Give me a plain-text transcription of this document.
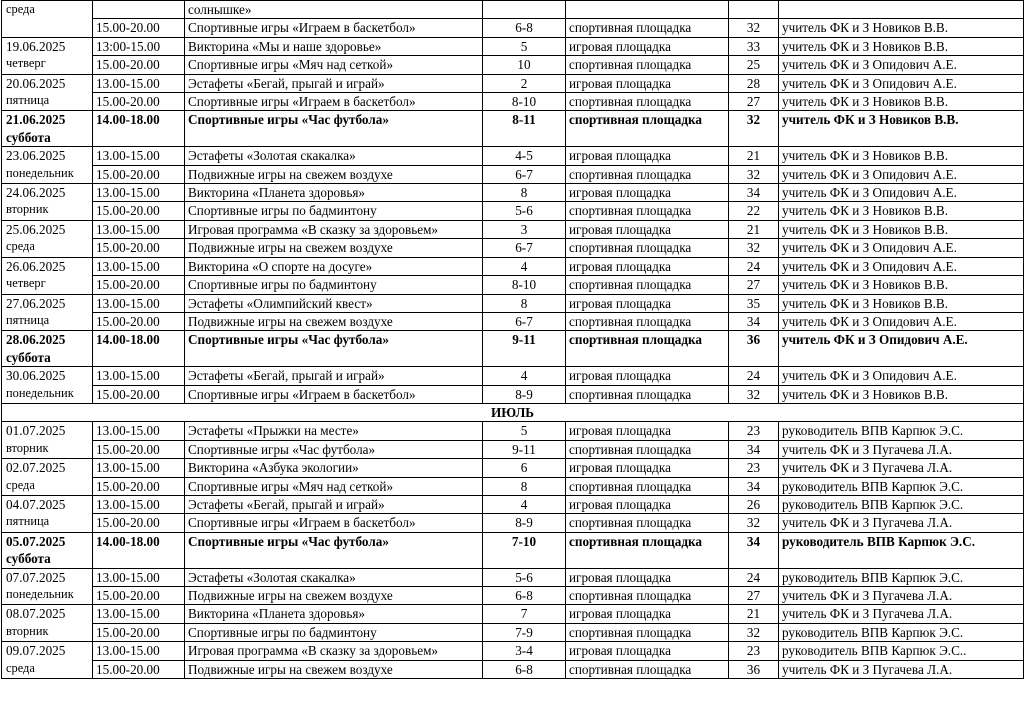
среда		солнышке»				
	15.00-20.00	Спортивные игры «Играем в баскетбол»	6-8	спортивная площадка	32	учитель ФК и З Новиков В.В.

19.06.2025
четверг	13:00-15.00	Викторина «Мы и наше здоровье»	5	игровая площадка	33	учитель ФК и З Новиков В.В.
	15.00-20.00	Спортивные игры «Мяч над сеткой»	10	спортивная площадка	25	учитель ФК и З Опидович А.Е.

20.06.2025
пятница	13.00-15.00	Эстафеты «Бегай, прыгай и играй»	2	игровая площадка	28	учитель ФК и З Опидович А.Е.
	15.00-20.00	Спортивные игры «Играем в баскетбол»	8-10	спортивная площадка	27	учитель ФК и З Новиков В.В.

21.06.2025
суббота	14.00-18.00	Спортивные игры «Час футбола»	8-11	спортивная площадка	32	учитель ФК и З Новиков В.В.

23.06.2025
понедельник	13.00-15.00	Эстафеты «Золотая скакалка»	4-5	игровая площадка	21	учитель ФК и З Новиков В.В.
	15.00-20.00	Подвижные игры на свежем воздухе	6-7	спортивная площадка	32	учитель ФК и З Опидович А.Е.

24.06.2025
вторник	13.00-15.00	Викторина «Планета здоровья»	8	игровая площадка	34	учитель ФК и З Опидович А.Е.
	15.00-20.00	Спортивные игры по бадминтону	5-6	спортивная площадка	22	учитель ФК и З Новиков В.В.

25.06.2025
среда	13.00-15.00	Игровая программа «В сказку за здоровьем»	3	игровая площадка	21	учитель ФК и З Новиков В.В.
	15.00-20.00	Подвижные игры на свежем воздухе	6-7	спортивная площадка	32	учитель ФК и З Опидович А.Е.

26.06.2025
четверг	13.00-15.00	Викторина «О спорте на досуге»	4	игровая площадка	24	учитель ФК и З Опидович А.Е.
	15.00-20.00	Спортивные игры по бадминтону	8-10	спортивная площадка	27	учитель ФК и З Новиков В.В.

27.06.2025
пятница	13.00-15.00	Эстафеты «Олимпийский квест»	8	игровая площадка	35	учитель ФК и З Новиков В.В.
	15.00-20.00	Подвижные игры на свежем воздухе	6-7	спортивная площадка	34	учитель ФК и З Опидович А.Е.

28.06.2025
суббота	14.00-18.00	Спортивные игры «Час футбола»	9-11	спортивная площадка	36	учитель ФК и З Опидович А.Е.

30.06.2025
понедельник	13.00-15.00	Эстафеты «Бегай, прыгай и играй»	4	игровая площадка	24	учитель ФК и З Опидович А.Е.
	15.00-20.00	Спортивные игры «Играем в баскетбол»	8-9	спортивная площадка	32	учитель ФК и З Новиков В.В.
ИЮЛЬ						

01.07.2025
вторник	13.00-15.00	Эстафеты «Прыжки на месте»	5	игровая площадка	23	руководитель ВПВ Карпюк Э.С.
	15.00-20.00	Спортивные игры «Час футбола»	9-11	спортивная площадка	34	учитель ФК и З Пугачева Л.А.

02.07.2025
среда	13.00-15.00	Викторина «Азбука экологии»	6	игровая площадка	23	учитель ФК и З Пугачева Л.А.
	15.00-20.00	Спортивные игры «Мяч над сеткой»	8	спортивная площадка	34	руководитель ВПВ Карпюк Э.С.

04.07.2025
пятница	13.00-15.00	Эстафеты «Бегай, прыгай и играй»	4	игровая площадка	26	руководитель ВПВ Карпюк Э.С.
	15.00-20.00	Спортивные игры «Играем в баскетбол»	8-9	спортивная площадка	32	учитель ФК и З Пугачева Л.А.

05.07.2025
суббота	14.00-18.00	Спортивные игры «Час футбола»	7-10	спортивная площадка	34	руководитель ВПВ Карпюк Э.С.

07.07.2025
понедельник	13.00-15.00	Эстафеты «Золотая скакалка»	5-6	игровая площадка	24	руководитель ВПВ Карпюк Э.С.
	15.00-20.00	Подвижные игры на свежем воздухе	6-8	спортивная площадка	27	учитель ФК и З Пугачева Л.А.

08.07.2025
вторник	13.00-15.00	Викторина «Планета здоровья»	7	игровая площадка	21	учитель ФК и З Пугачева Л.А.
	15.00-20.00	Спортивные игры по бадминтону	7-9	спортивная площадка	32	руководитель ВПВ Карпюк Э.С.

09.07.2025
среда	13.00-15.00	Игровая программа «В сказку за здоровьем»	3-4	игровая площадка	23	руководитель ВПВ Карпюк Э.С..
	15.00-20.00	Подвижные игры на свежем воздухе	6-8	спортивная площадка	36	учитель ФК и З Пугачева Л.А.
